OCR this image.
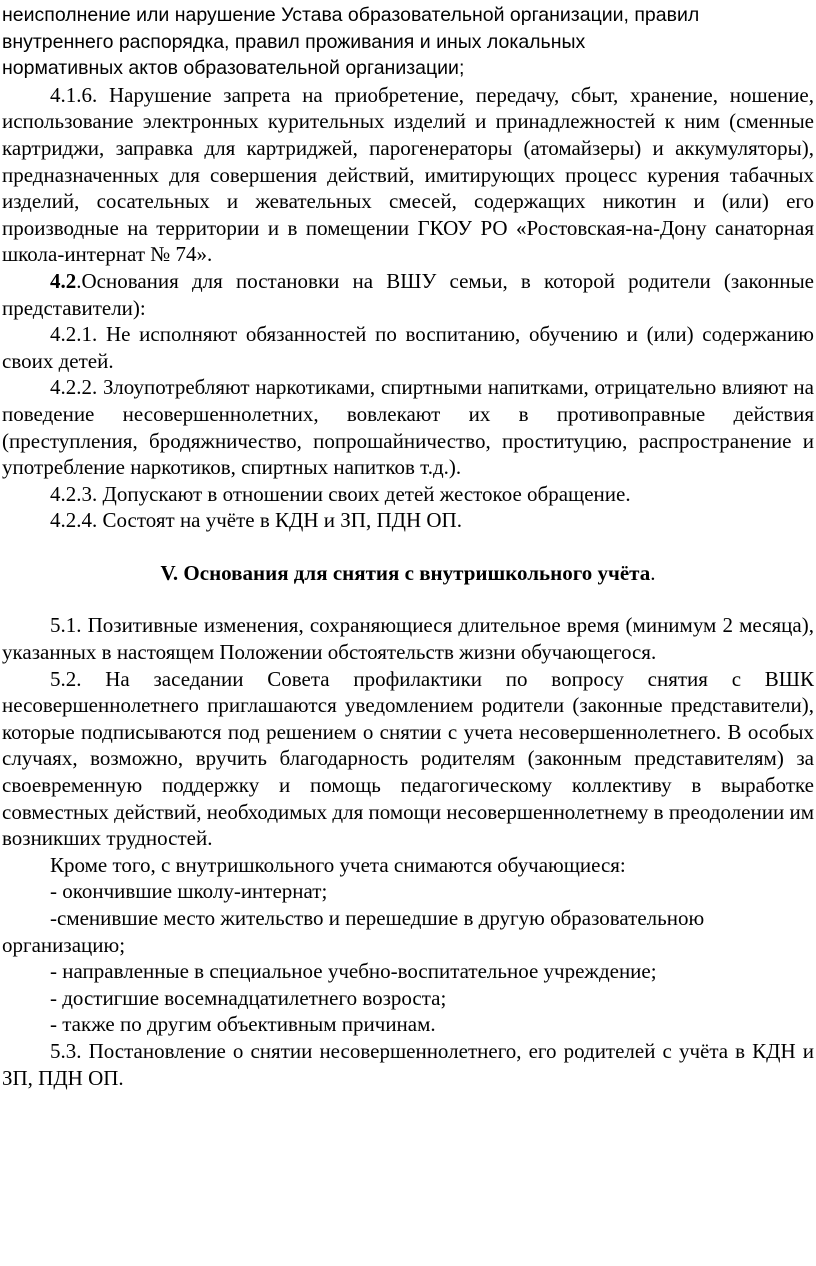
неисполнение или нарушение Устава образовательной организации, правил
внутреннего распорядка, правил проживания и иных локальных
нормативных актов образовательной организации;

4.1.6. Нарушение запрета на приобретение, передачу, сбыт, хранение, ношение, использование электронных курительных изделий и принадлежностей к ним (сменные картриджи, заправка для картриджей, парогенераторы (атомайзеры) и аккумуляторы), предназначенных для совершения действий, имитирующих процесс курения табачных изделий, сосательных и жевательных смесей, содержащих никотин и (или) его производные на территории и в помещении ГКОУ РО «Ростовская-на-Дону санаторная школа-интернат № 74».

4.2.Основания для постановки на ВШУ семьи, в которой родители (законные представители):

4.2.1. Не исполняют обязанностей по воспитанию, обучению и (или) содержанию своих детей.

4.2.2. Злоупотребляют наркотиками, спиртными напитками, отрицательно влияют на поведение несовершеннолетних, вовлекают их в противоправные действия (преступления, бродяжничество, попрошайничество, проституцию, распространение и употребление наркотиков, спиртных напитков т.д.).

4.2.3. Допускают в отношении своих детей жестокое обращение.

4.2.4. Состоят на учёте в КДН и ЗП, ПДН ОП.

V. Основания для снятия с внутришкольного учёта.

5.1. Позитивные изменения, сохраняющиеся длительное время (минимум 2 месяца), указанных в настоящем Положении обстоятельств жизни обучающегося.

5.2. На заседании Совета профилактики по вопросу снятия с ВШК несовершеннолетнего приглашаются уведомлением родители (законные представители), которые подписываются под решением о снятии с учета несовершеннолетнего. В особых случаях, возможно, вручить благодарность родителям (законным представителям) за своевременную поддержку и помощь педагогическому коллективу в выработке совместных действий, необходимых для помощи несовершеннолетнему в преодолении им возникших трудностей.

Кроме того, с внутришкольного учета снимаются обучающиеся:

- окончившие школу-интернат;

-сменившие место жительство и перешедшие в другую образовательною организацию;

- направленные в специальное учебно-воспитательное учреждение;

- достигшие восемнадцатилетнего возроста;

- также по другим объективным причинам.

5.3. Постановление о снятии несовершеннолетнего, его родителей с учёта в КДН и ЗП, ПДН ОП.
